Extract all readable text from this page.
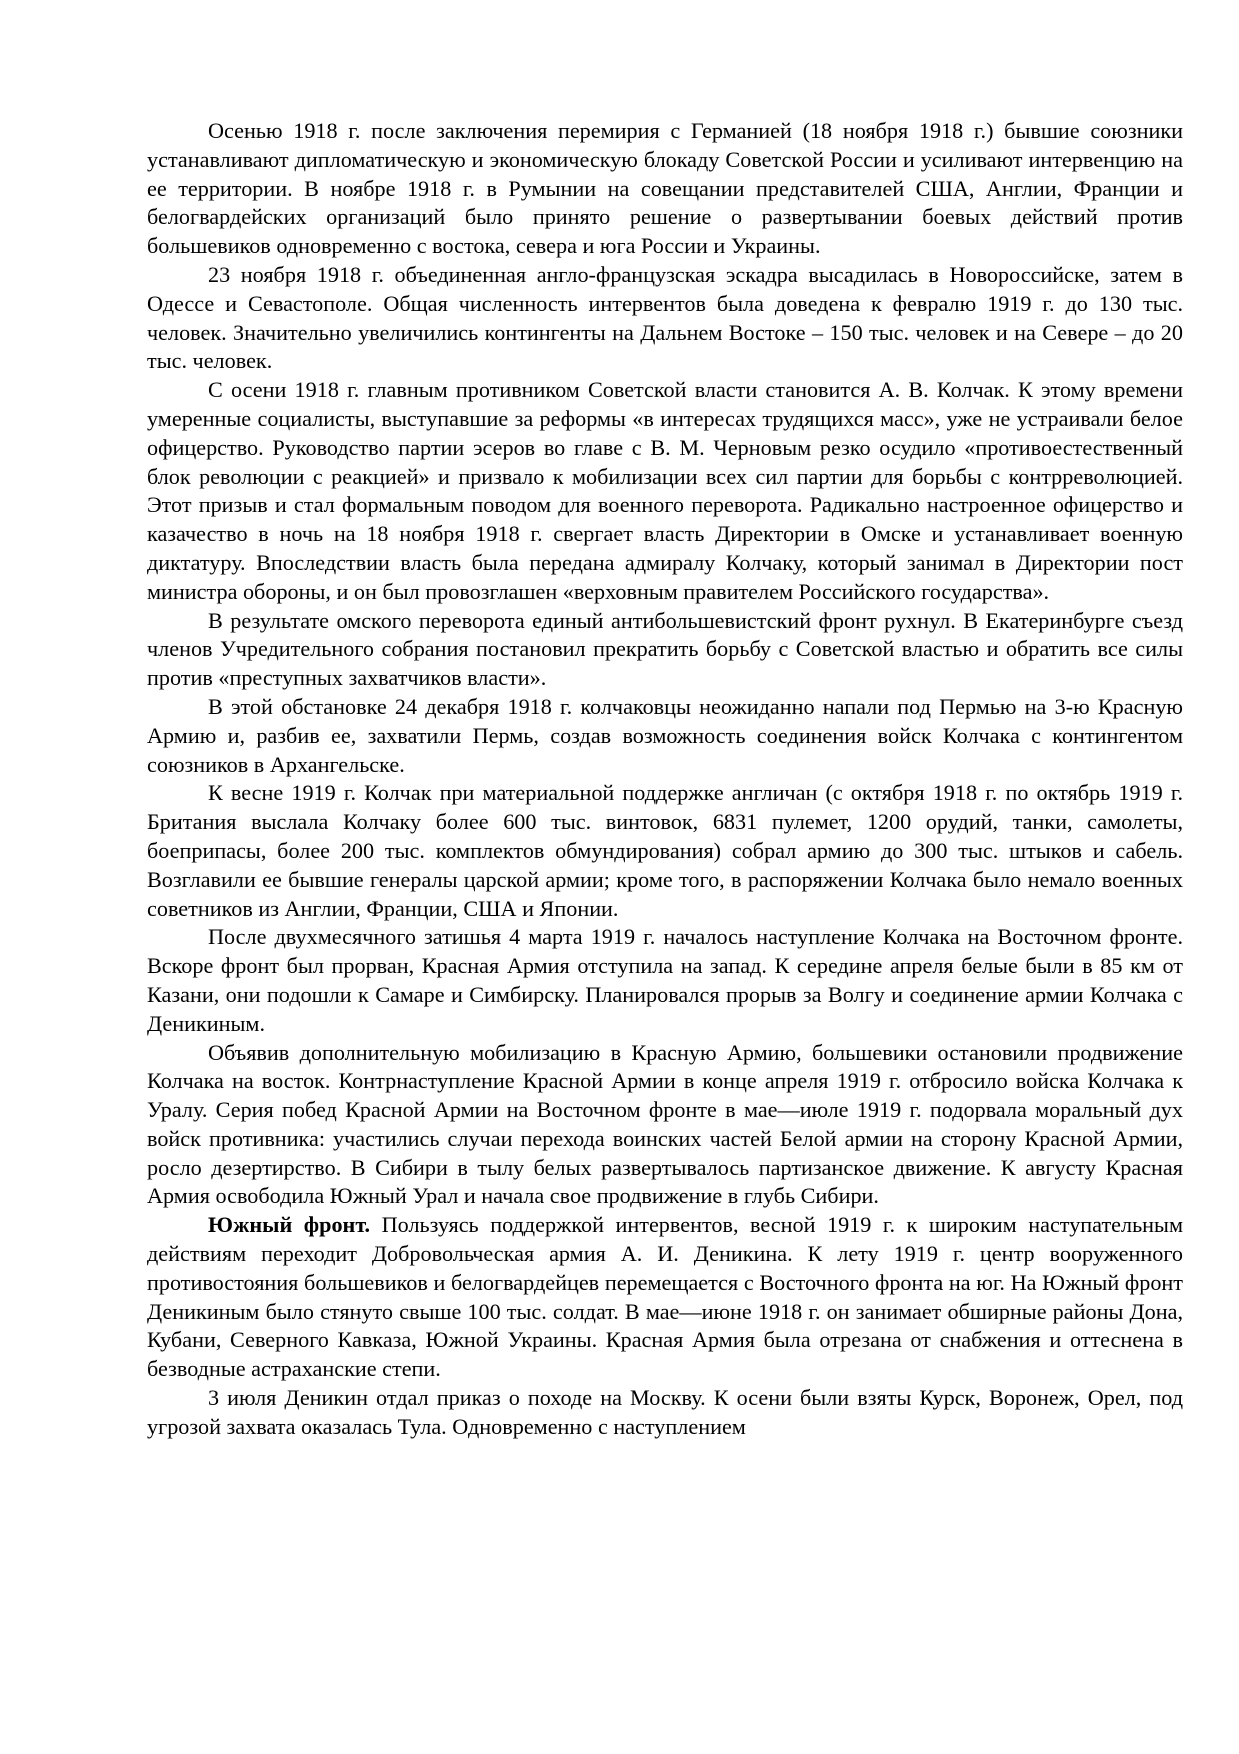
Осенью 1918 г. после заключения перемирия с Германией (18 ноября 1918 г.) бывшие союзники устанавливают дипломатическую и экономическую блокаду Советской России и усиливают интервенцию на ее территории. В ноябре 1918 г. в Румынии на совещании представителей США, Англии, Франции и белогвардейских организаций было принято решение о развертывании боевых действий против большевиков одновременно с востока, севера и юга России и Украины.

23 ноября 1918 г. объединенная англо-французская эскадра высадилась в Новороссийске, затем в Одессе и Севастополе. Общая численность интервентов была доведена к февралю 1919 г. до 130 тыс. человек. Значительно увеличились контингенты на Дальнем Востоке – 150 тыс. человек и на Севере – до 20 тыс. человек.

С осени 1918 г. главным противником Советской власти становится А. В. Колчак. К этому времени умеренные социалисты, выступавшие за реформы «в интересах трудящихся масс», уже не устраивали белое офицерство. Руководство партии эсеров во главе с В. М. Черновым резко осудило «противоестественный блок революции с реакцией» и призвало к мобилизации всех сил партии для борьбы с контрреволюцией. Этот призыв и стал формальным поводом для военного переворота. Радикально настроенное офицерство и казачество в ночь на 18 ноября 1918 г. свергает власть Директории в Омске и устанавливает военную диктатуру. Впоследствии власть была передана адмиралу Колчаку, который занимал в Директории пост министра обороны, и он был провозглашен «верховным правителем Российского государства».

В результате омского переворота единый антибольшевистский фронт рухнул. В Екатеринбурге съезд членов Учредительного собрания постановил прекратить борьбу с Советской властью и обратить все силы против «преступных захватчиков власти».

В этой обстановке 24 декабря 1918 г. колчаковцы неожиданно напали под Пермью на 3-ю Красную Армию и, разбив ее, захватили Пермь, создав возможность соединения войск Колчака с контингентом союзников в Архангельске.

К весне 1919 г. Колчак при материальной поддержке англичан (с октября 1918 г. по октябрь 1919 г. Британия выслала Колчаку более 600 тыс. винтовок, 6831 пулемет, 1200 орудий, танки, самолеты, боеприпасы, более 200 тыс. комплектов обмундирования) собрал армию до 300 тыс. штыков и сабель. Возглавили ее бывшие генералы царской армии; кроме того, в распоряжении Колчака было немало военных советников из Англии, Франции, США и Японии.

После двухмесячного затишья 4 марта 1919 г. началось наступление Колчака на Восточном фронте. Вскоре фронт был прорван, Красная Армия отступила на запад. К середине апреля белые были в 85 км от Казани, они подошли к Самаре и Симбирску. Планировался прорыв за Волгу и соединение армии Колчака с Деникиным.

Объявив дополнительную мобилизацию в Красную Армию, большевики остановили продвижение Колчака на восток. Контрнаступление Красной Армии в конце апреля 1919 г. отбросило войска Колчака к Уралу. Серия побед Красной Армии на Восточном фронте в мае—июле 1919 г. подорвала моральный дух войск противника: участились случаи перехода воинских частей Белой армии на сторону Красной Армии, росло дезертирство. В Сибири в тылу белых развертывалось партизанское движение. К августу Красная Армия освободила Южный Урал и начала свое продвижение в глубь Сибири.

Южный фронт. Пользуясь поддержкой интервентов, весной 1919 г. к широким наступательным действиям переходит Добровольческая армия А. И. Деникина. К лету 1919 г. центр вооруженного противостояния большевиков и белогвардейцев перемещается с Восточного фронта на юг. На Южный фронт Деникиным было стянуто свыше 100 тыс. солдат. В мае—июне 1918 г. он занимает обширные районы Дона, Кубани, Северного Кавказа, Южной Украины. Красная Армия была отрезана от снабжения и оттеснена в безводные астраханские степи.

3 июля Деникин отдал приказ о походе на Москву. К осени были взяты Курск, Воронеж, Орел, под угрозой захвата оказалась Тула. Одновременно с наступлением
